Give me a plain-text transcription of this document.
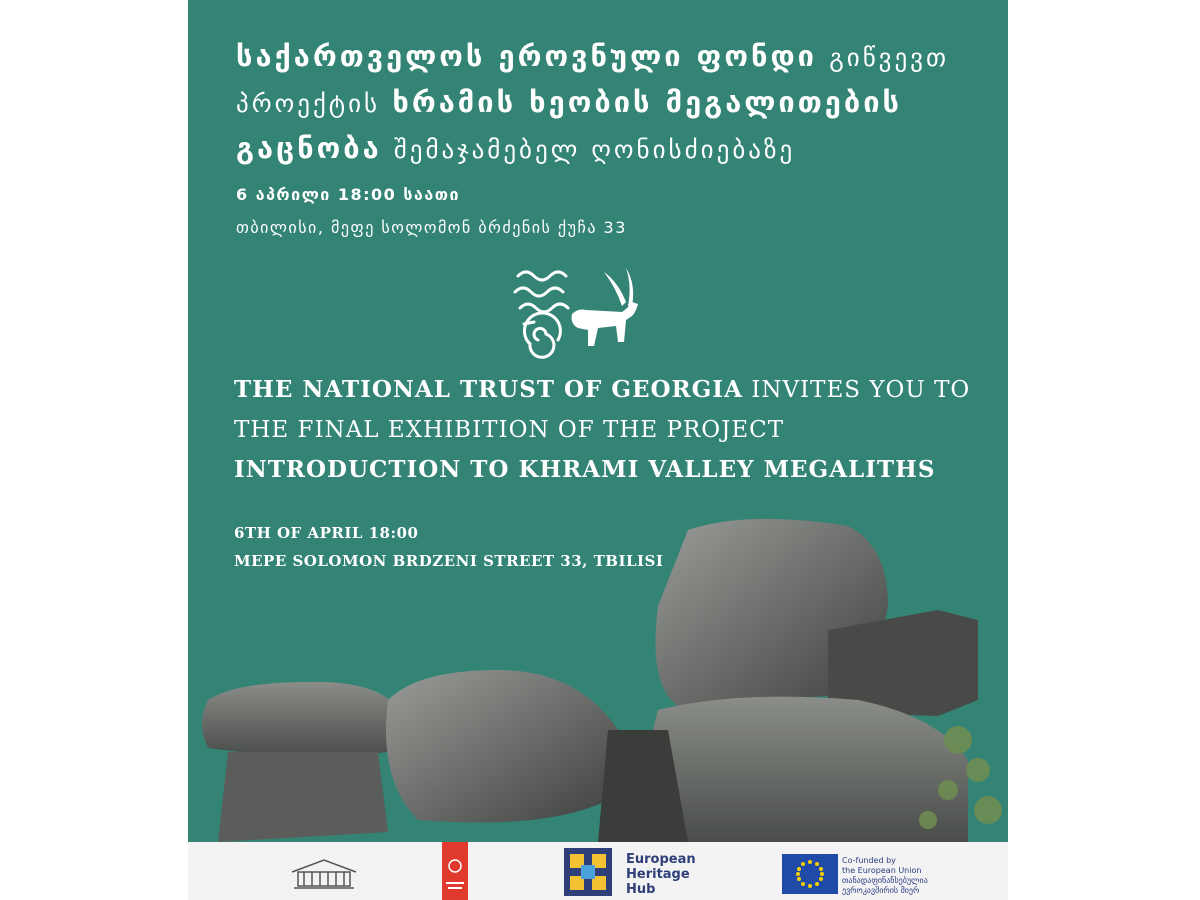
საქართველოს ეროვნული ფონდი გიწვევთ
პროექტის ხრამის ხეობის მეგალითების
გაცნობა შემაჯამებელ ღონისძიებაზე
6 აპრილი 18:00 საათი
თბილისი, მეფე სოლომონ ბრძენის ქუჩა 33
THE NATIONAL TRUST OF GEORGIA INVITES YOU TO
THE FINAL EXHIBITION OF THE PROJECT
INTRODUCTION TO KHRAMI VALLEY MEGALITHS
6TH OF APRIL 18:00
MEPE SOLOMON BRDZENI STREET 33, TBILISI
European
Heritage
Hub
Co-funded by
the European Union
თანადაფინანსებულია
ევროკავშირის მიერ
